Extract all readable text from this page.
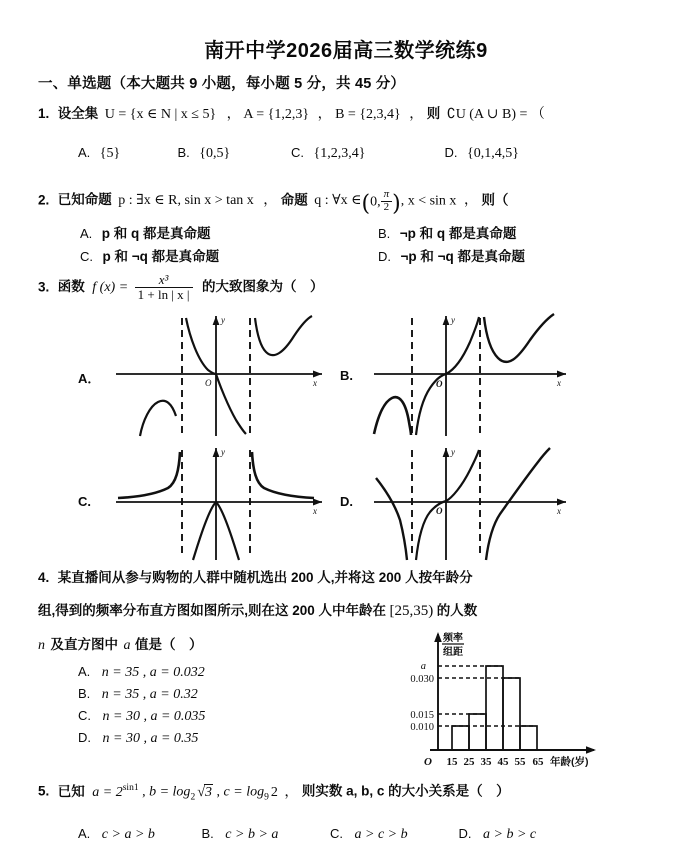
南开中学2026届高三数学统练9
一、单选题（本大题共 9 小题，每小题 5 分，共 45 分）
1. 设全集 U = {x ∈ N | x ≤ 5} ， A = {1,2,3} ， B = {2,3,4} ， 则 ∁U (A ∪ B) = （
A. {5}	B. {0,5}	C. {1,2,3,4}	D. {0,1,4,5}
2. 已知命题 p : ∃x ∈ R, sin x > tan x ， 命题 q : ∀x ∈(0, $\frac{\pi}{2}$ ), x < sin x ， 则（
A. p 和 q 都是真命题	B. ¬p 和 q 都是真命题
C. p 和 ¬q 都是真命题	D. ¬p 和 ¬q 都是真命题
3. 函数 f $(x) = \frac{\text{x³}}{1 + \ln | x |}$ 的大致图象为（　）
A．
y
x
O	B.
y
x
O
C.
y
x
D.
y
x
O
4. 某直播间从参与购物的人群中随机选出 200 人,并将这 200 人按年龄分
组,得到的频率分布直方图如图所示,则在这 200 人中年龄在 [25,35) 的人数
n 及直方图中 a 值是（　）
A. n = 35 , a = 0.032
B. n = 35 , a = 0.32
C. n = 30 , a = 0.035
D. n = 30 , a = 0.35
频率
组距
O
a
0.030
0.015
0.010
15 25 35 45 55 65 年龄(岁)
5. 已知 $a = 2^{sin1}$ , $b = \log_2 √3$ , $c = \log_9 2$ ， 则实数 a, b, c 的大小关系是（　）
A. c > a > b	B. c > b > a	C. a > c > b	D. a > b > c
